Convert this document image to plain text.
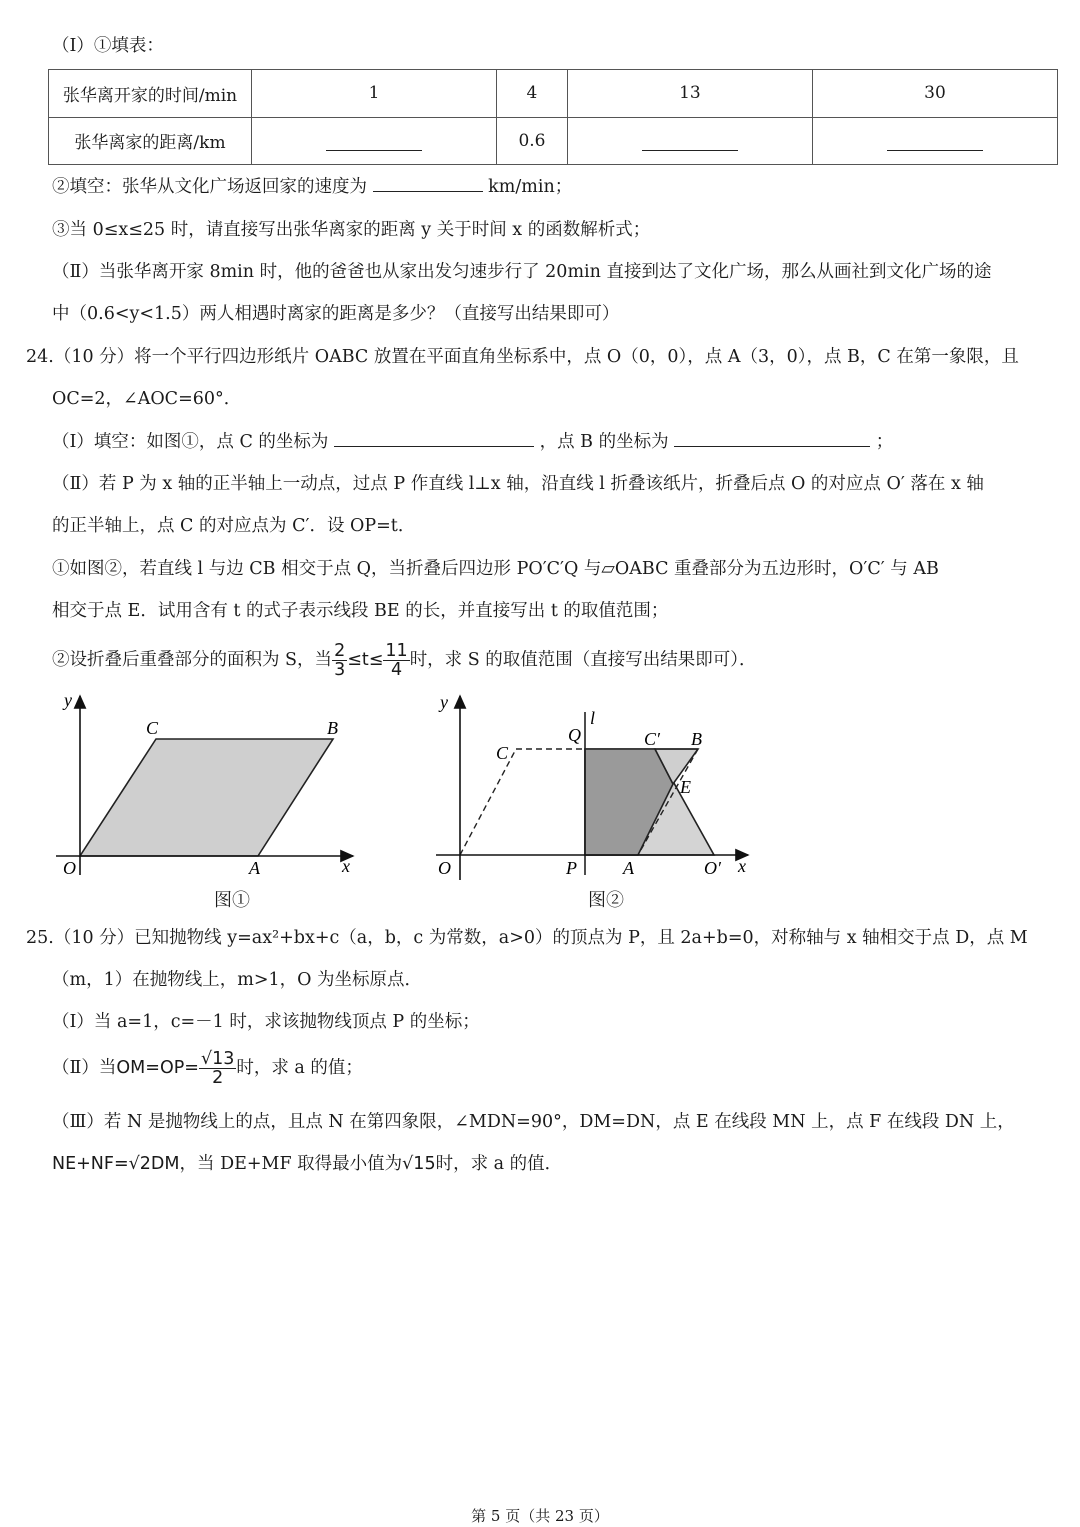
（Ⅰ）①填表：
张华离开家的时间/min	1	4	13	30
张华离家的距离/km		0.6		
②填空：张华从文化广场返回家的速度为	km/min；
③当 0≤x≤25 时，请直接写出张华离家的距离 y 关于时间 x 的函数解析式；
（Ⅱ）当张华离开家 8min 时，他的爸爸也从家出发匀速步行了 20min 直接到达了文化广场，那么从画社到文化广场的途
中（0.6<y<1.5）两人相遇时离家的距离是多少？（直接写出结果即可）
24.（10 分）将一个平行四边形纸片 OABC 放置在平面直角坐标系中，点 O（0，0），点 A（3，0），点 B，C 在第一象限，且
OC=2，∠AOC=60°．
（Ⅰ）填空：如图①，点 C 的坐标为	，点 B 的坐标为	；
（Ⅱ）若 P 为 x 轴的正半轴上一动点，过点 P 作直线 l⊥x 轴，沿直线 l 折叠该纸片，折叠后点 O 的对应点 O′ 落在 x 轴
的正半轴上，点 C 的对应点为 C′．设 OP=t．
①如图②，若直线 l 与边 CB 相交于点 Q，当折叠后四边形 PO′C′Q 与▱OABC 重叠部分为五边形时，O′C′ 与 AB
相交于点 E．试用含有 t 的式子表示线段 BE 的长，并直接写出 t 的取值范围；
②设折叠后重叠部分的面积为 S，当 $\frac{2}{3} \le t\le \frac{11}{4}$ 时，求 S 的取值范围（直接写出结果即可）．
y
x
O	A
B
C
图①
y
x
O	P	A	O′
l
Q
C
C′ B
E
图②
25.（10 分）已知抛物线 y=ax²+bx+c（a，b，c 为常数，a>0）的顶点为 P，且 2a+b=0，对称轴与 x 轴相交于点 D，点 M
（m，1）在抛物线上，m>1，O 为坐标原点．
（Ⅰ）当 a=1，c=－1 时，求该抛物线顶点 P 的坐标；
（Ⅱ）当$OM=OP= \frac{√13}{2}$ 时，求 a 的值；
（Ⅲ）若 N 是抛物线上的点，且点 N 在第四象限，∠MDN=90°，DM=DN，点 E 在线段 MN 上，点 F 在线段 DN 上，
NE+NF=√2DM，当 DE+MF 取得最小值为√15时，求 a 的值．
第 5 页（共 23 页）
